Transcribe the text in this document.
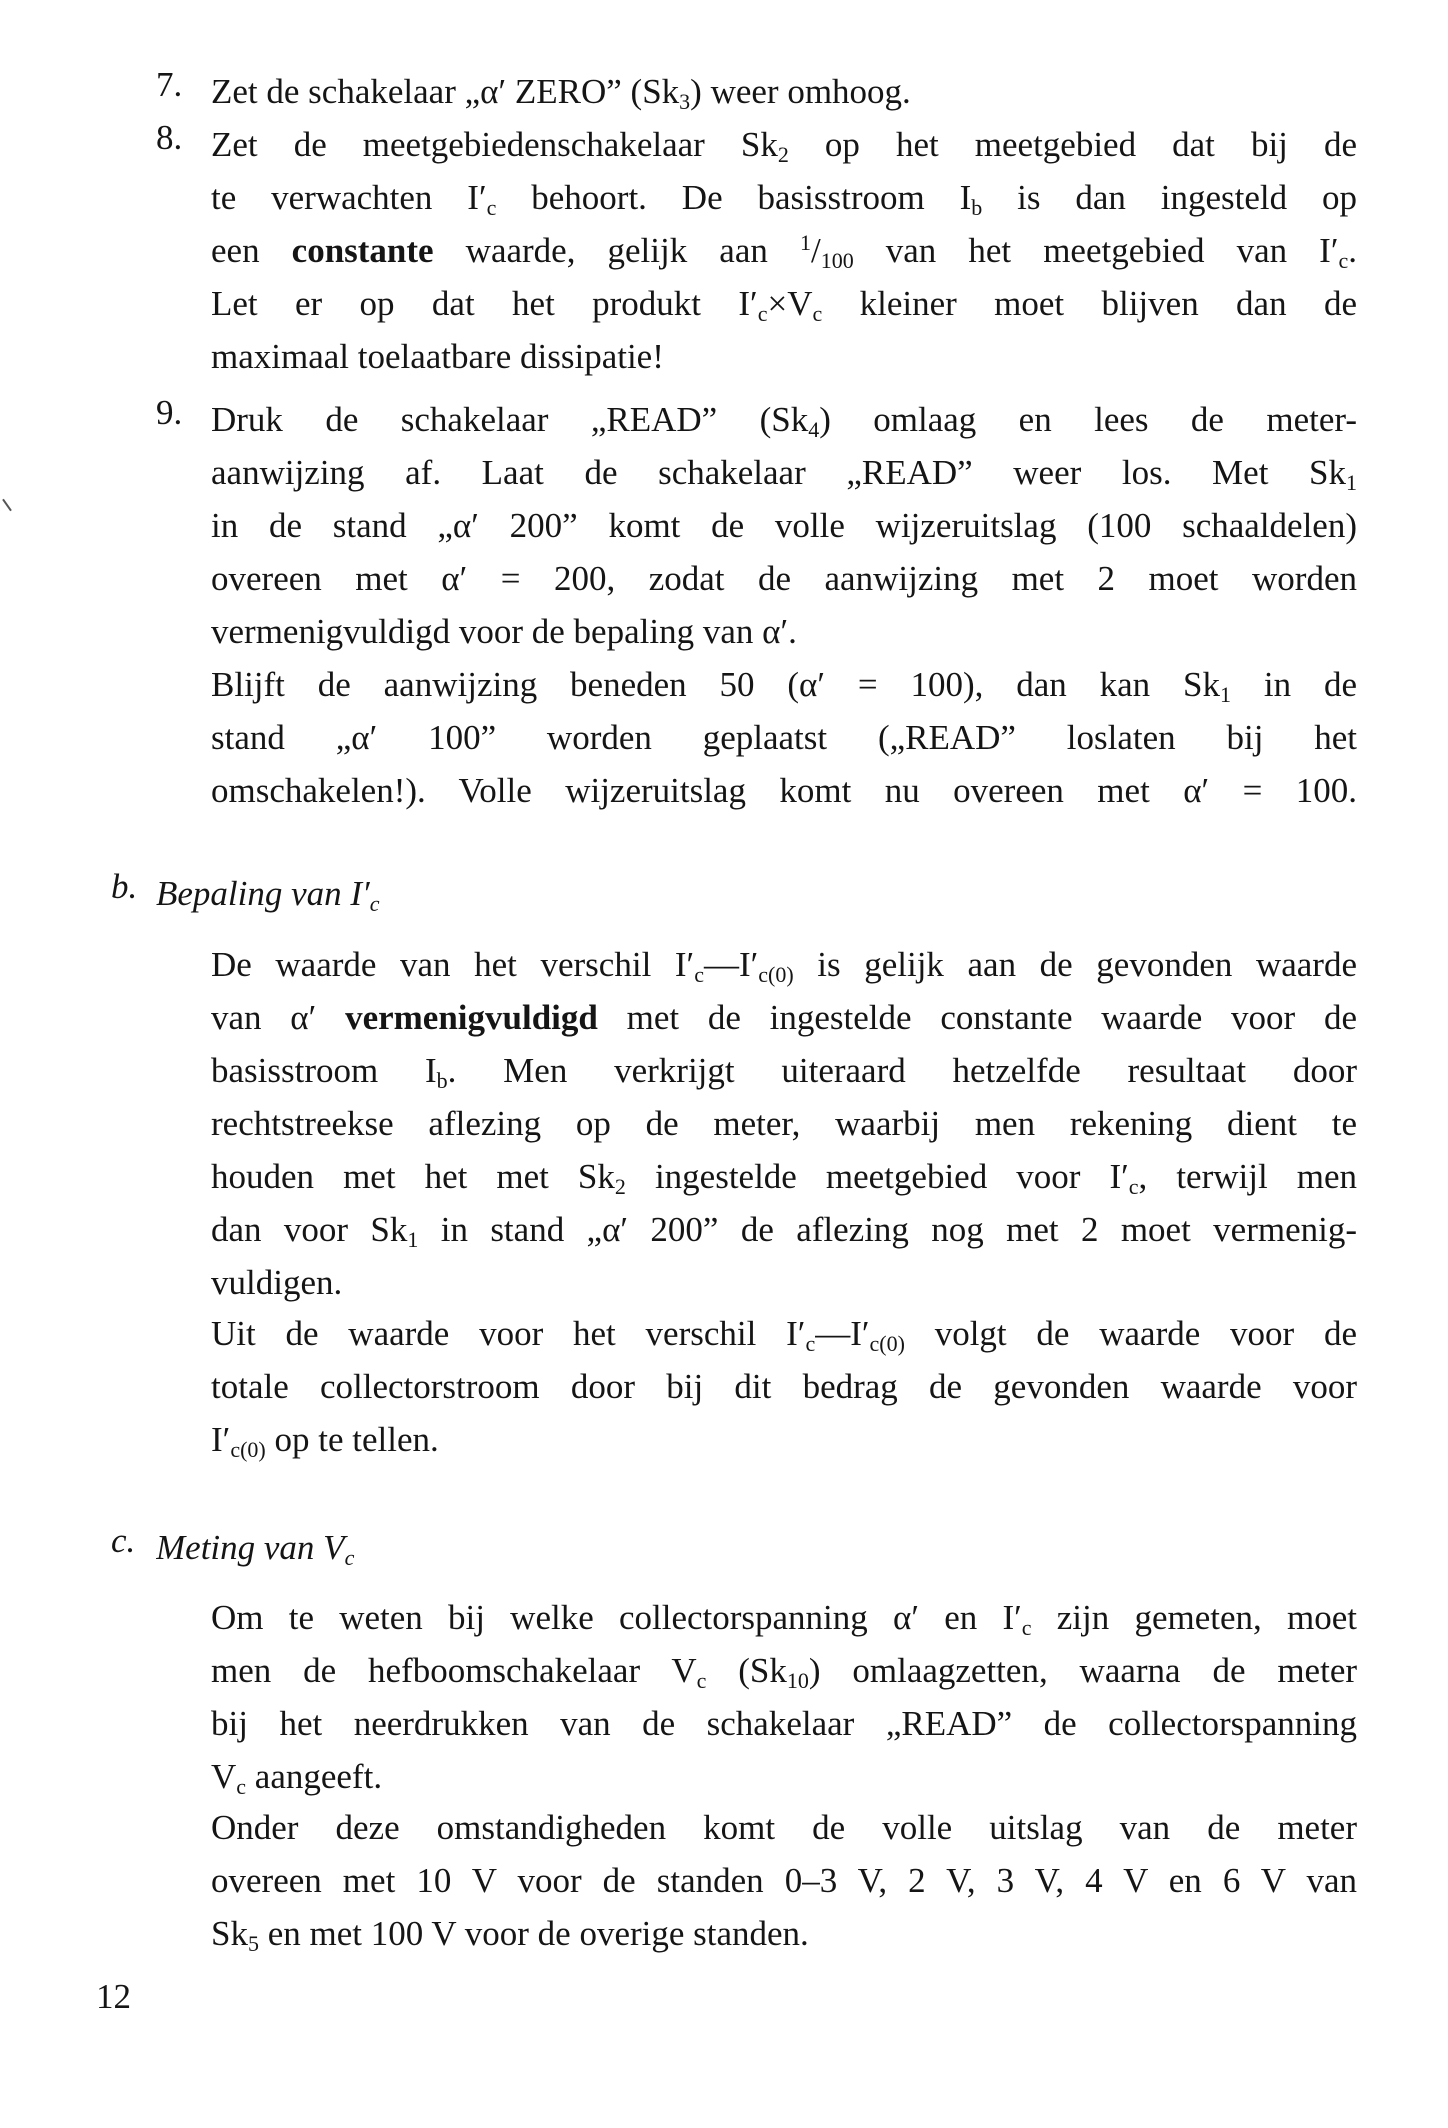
7. Zet de schakelaar „α′ ZERO” $(Sk_3)$ weer omhoog.
8. Zet de meetgebiedenschakelaar $Sk_2$ op het meetgebied dat bij de
te verwachten $I'_c$ behoort. De basisstroom $I_b$ is dan ingesteld op
een constante waarde, gelijk aan $^1/_{100}$ van het meetgebied van $I'_c$.
Let er op dat het produkt $I'_c\times V_c$ kleiner moet blijven dan de
maximaal toelaatbare dissipatie!
9. Druk de schakelaar „READ” $(Sk_4)$ omlaag en lees de meter-
aanwijzing af. Laat de schakelaar „READ” weer los. Met $Sk_1$
in de stand „α′ 200” komt de volle wijzeruitslag (100 schaaldelen)
overeen met α′ = 200, zodat de aanwijzing met 2 moet worden
vermenigvuldigd voor de bepaling van α′.
Blijft de aanwijzing beneden 50 (α′ = 100), dan kan $Sk_1$ in de
stand „α′ 100” worden geplaatst („READ” loslaten bij het
omschakelen!). Volle wijzeruitslag komt nu overeen met α′ = 100.
b. Bepaling van $I'_c$
De waarde van het verschil $I'_c—I'_{c(0)}$ is gelijk aan de gevonden waarde
van α′ vermenigvuldigd met de ingestelde constante waarde voor de
basisstroom $I_b$. Men verkrijgt uiteraard hetzelfde resultaat door
rechtstreekse aflezing op de meter, waarbij men rekening dient te
houden met het met $Sk_2$ ingestelde meetgebied voor $I'_c$, terwijl men
dan voor $Sk_1$ in stand „α′ 200” de aflezing nog met 2 moet vermenig-
vuldigen.
Uit de waarde voor het verschil $I'_c—I'_{c(0)}$ volgt de waarde voor de
totale collectorstroom door bij dit bedrag de gevonden waarde voor
$I'_{c(0)}$ op te tellen.
c. Meting van $V_c$
Om te weten bij welke collectorspanning α′ en $I'_c$ zijn gemeten, moet
men de hefboomschakelaar $V_c$ $(Sk_{10})$ omlaagzetten, waarna de meter
bij het neerdrukken van de schakelaar „READ” de collectorspanning
$V_c$ aangeeft.
Onder deze omstandigheden komt de volle uitslag van de meter
overeen met 10 V voor de standen 0–3 V, 2 V, 3 V, 4 V en 6 V van
$Sk_5$ en met 100 V voor de overige standen.
12
